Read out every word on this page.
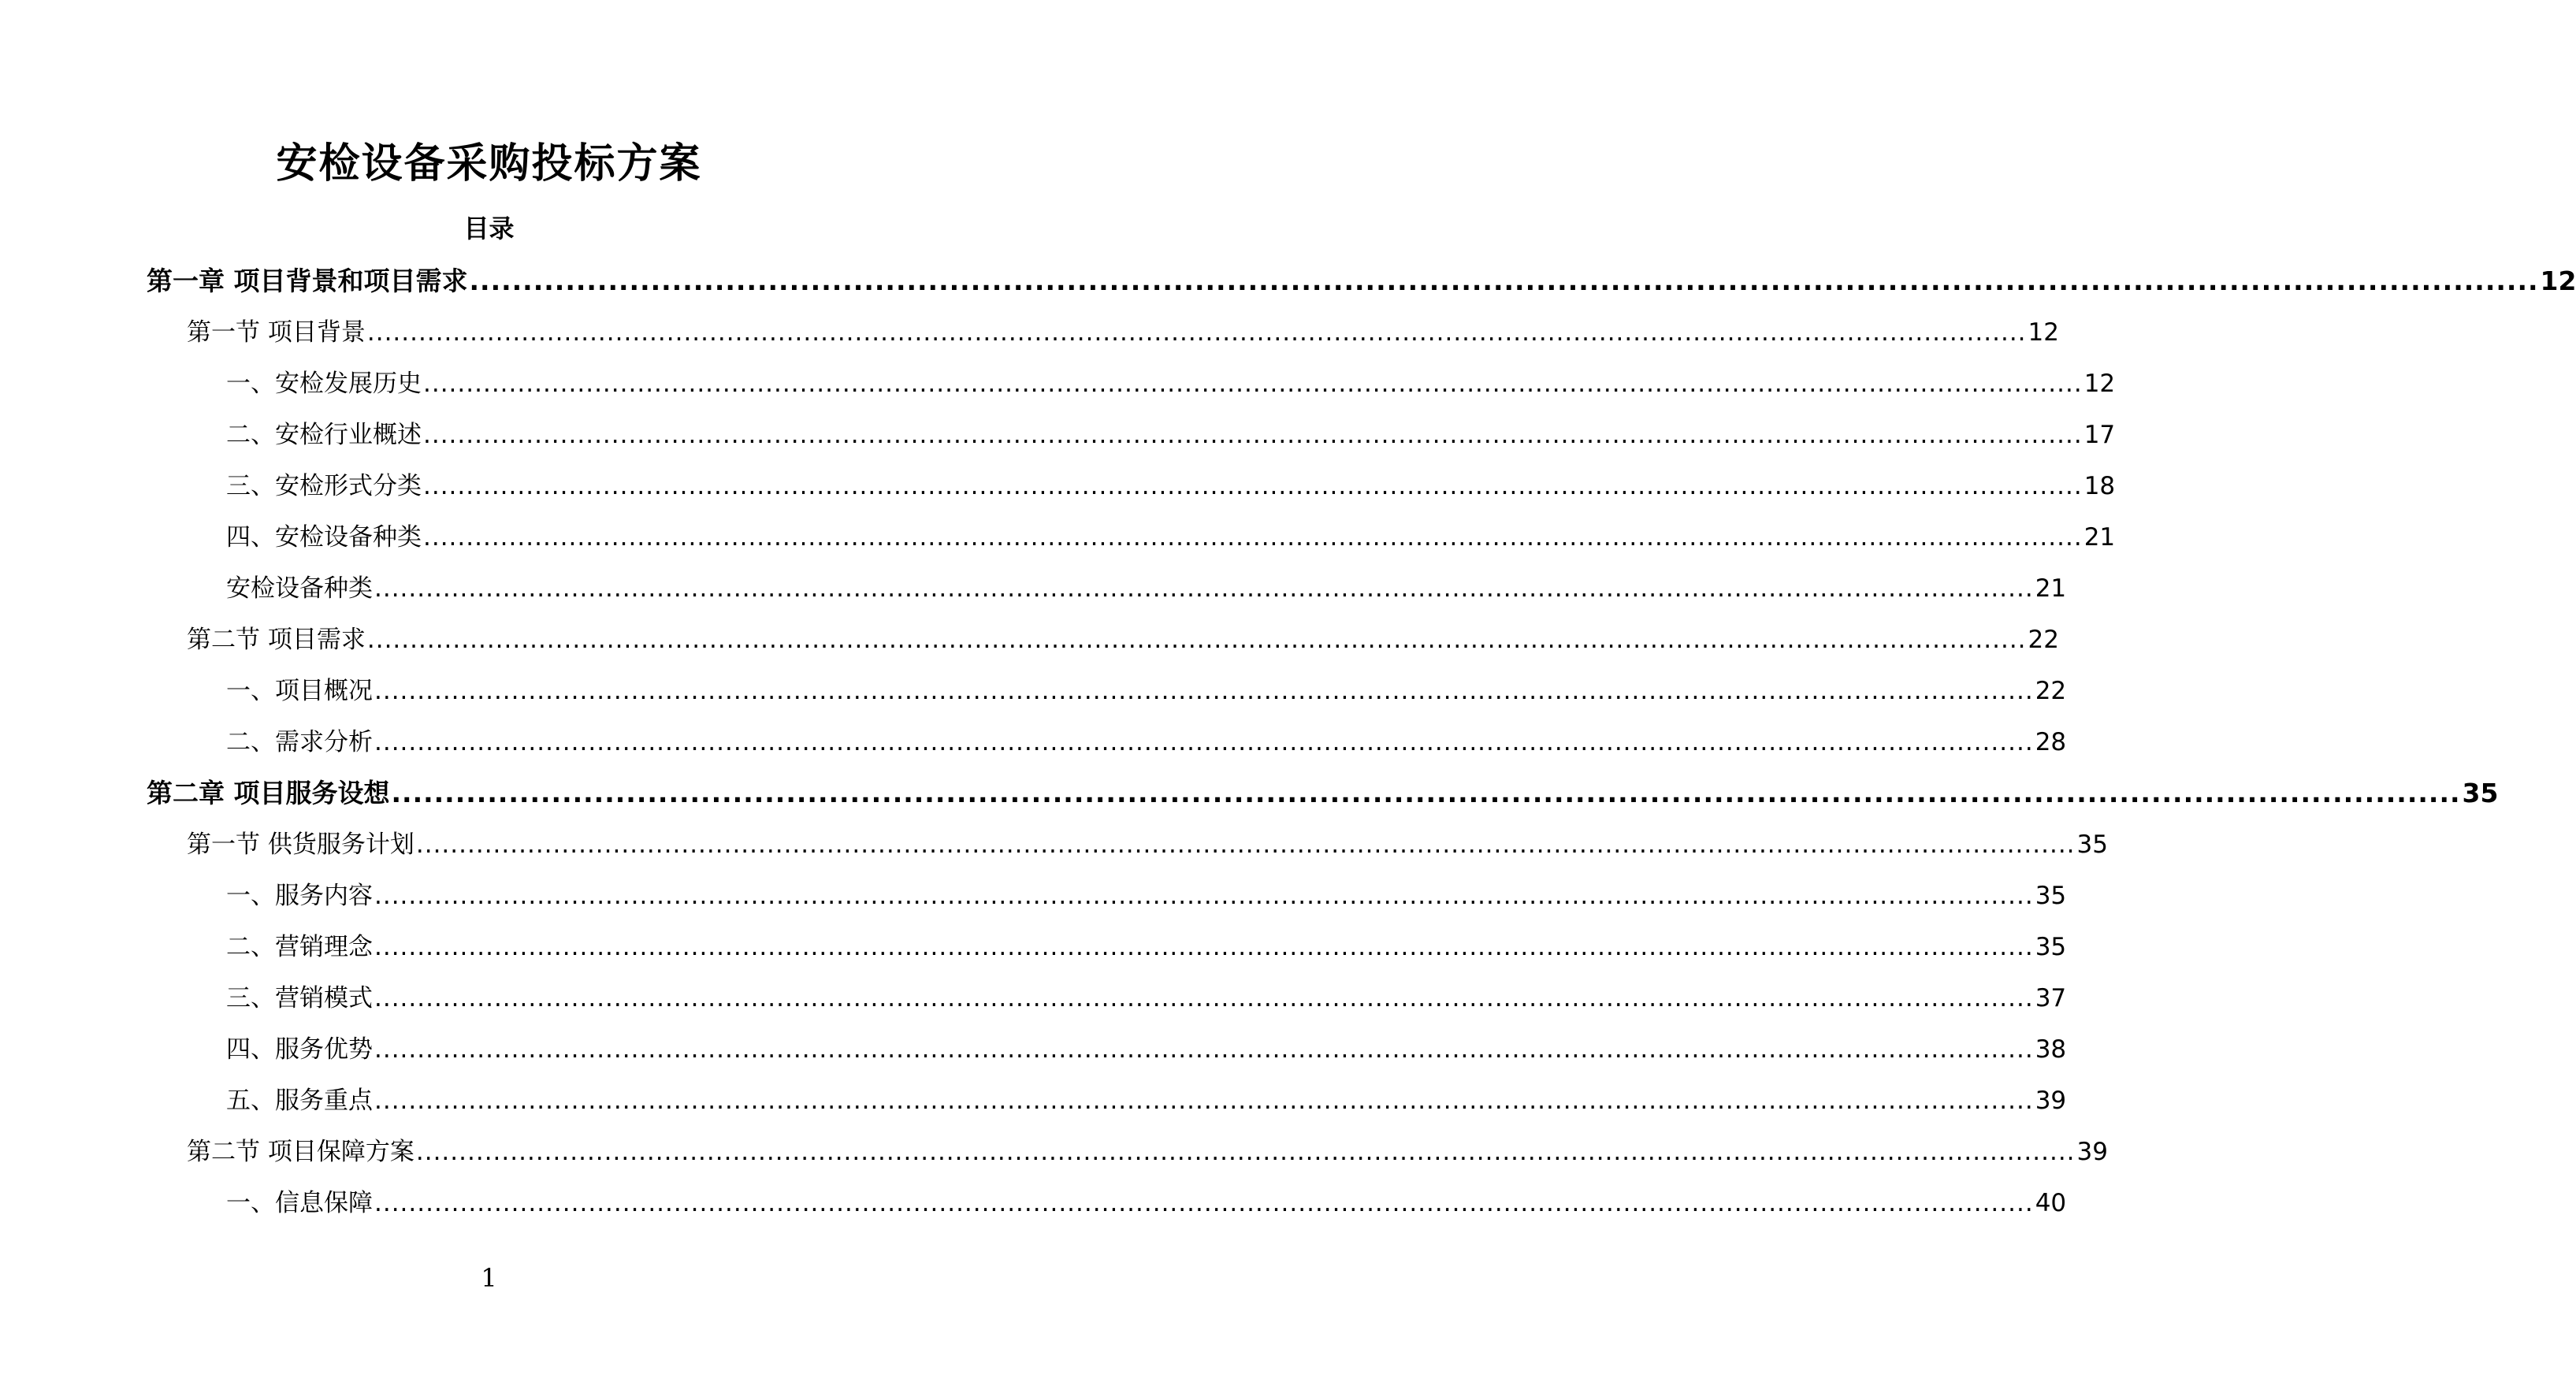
安检设备采购投标方案
目录
第一章 项目背景和项目需求 .....	12
第一节 项目背景 .....	12
一、安检发展历史 .....	12
二、安检行业概述 .....	17
三、安检形式分类 .....	18
四、安检设备种类 .....	21
安检设备种类 .....	21
第二节 项目需求 .....	22
一、项目概况 .....	22
二、需求分析 .....	28
第二章 项目服务设想 .....	35
第一节 供货服务计划 .....	35
一、服务内容 .....	35
二、营销理念 .....	35
三、营销模式 .....	37
四、服务优势 .....	38
五、服务重点 .....	39
第二节 项目保障方案 .....	39
一、信息保障 .....	40
1
